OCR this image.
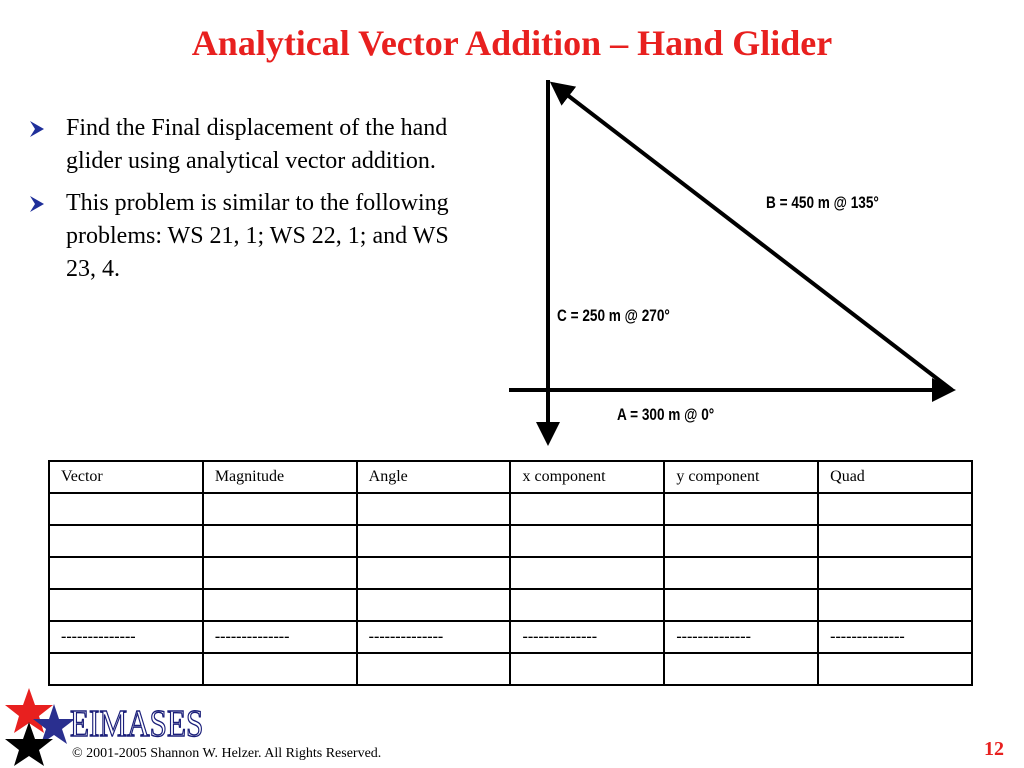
Analytical Vector Addition – Hand Glider
Find the Final displacement of the hand glider using analytical vector addition.
This problem is similar to the following problems: WS 21, 1; WS 22, 1; and WS 23, 4.
B = 450 m @ 135°
C = 250 m @ 270°
A = 300 m @ 0°
Vector	Magnitude	Angle	x component	y component	Quad

--------------	--------------	--------------	--------------	--------------	--------------

EIMASES
© 2001-2005 Shannon W. Helzer. All Rights Reserved.	12
